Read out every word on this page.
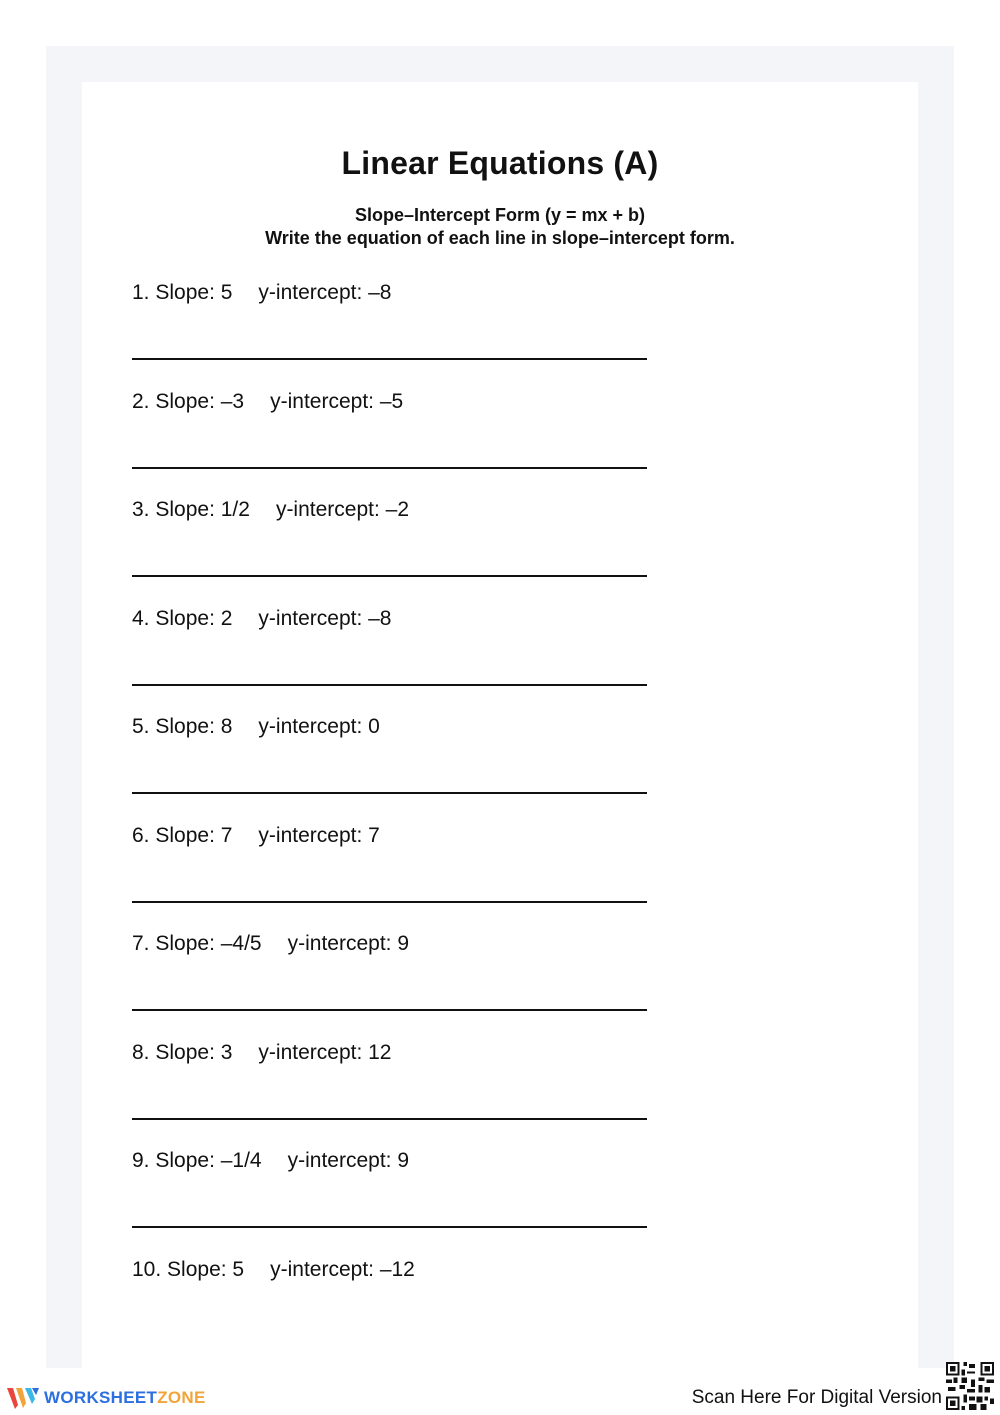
Linear Equations (A)
Slope–Intercept Form (y = mx + b)
Write the equation of each line in slope–intercept form.
1. Slope: 5 y-intercept: –8
2. Slope: –3 y-intercept: –5
3. Slope: 1/2 y-intercept: –2
4. Slope: 2 y-intercept: –8
5. Slope: 8 y-intercept: 0
6. Slope: 7 y-intercept: 7
7. Slope: –4/5 y-intercept: 9
8. Slope: 3 y-intercept: 12
9. Slope: –1/4 y-intercept: 9
10. Slope: 5 y-intercept: –12
WORKSHEETZONE	Scan Here For Digital Version
